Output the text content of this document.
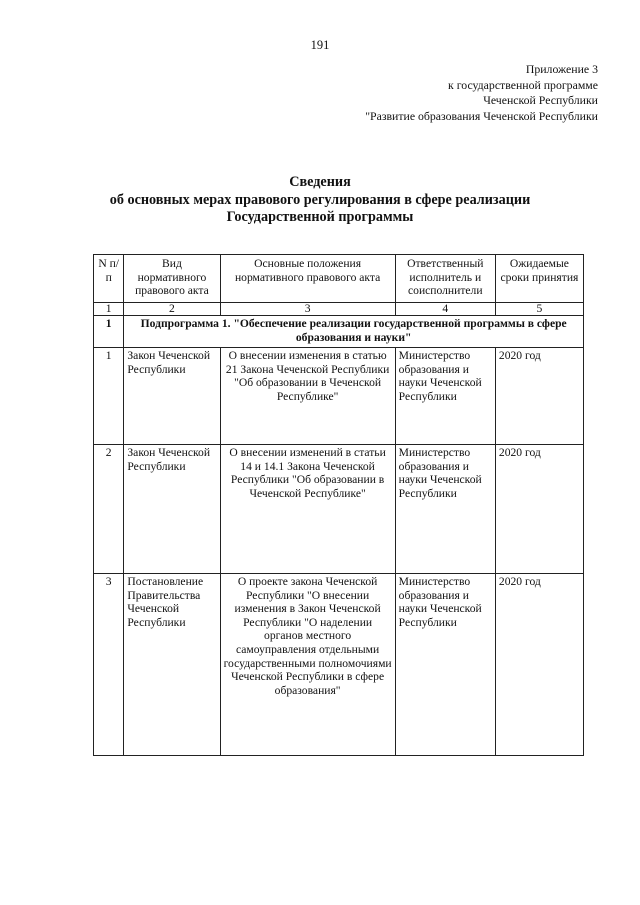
191
Приложение 3
к государственной программе
Чеченской Республики
"Развитие образования Чеченской Республики
Сведения
об основных мерах правового регулирования в сфере реализации
Государственной программы
N п/п	Вид нормативного правового акта	Основные положения нормативного правового акта	Ответственный исполнитель и соисполнители	Ожидаемые сроки принятия
1	2	3	4	5
1	Подпрограмма 1. "Обеспечение реализации государственной программы в сфере образования и науки"			
1	Закон Чеченской Республики	О внесении изменения в статью 21 Закона Чеченской Республики "Об образовании в Чеченской Республике"	Министерство образования и науки Чеченской Республики	2020 год
2	Закон Чеченской Республики	О внесении изменений в статьи 14 и 14.1 Закона Чеченской Республики "Об образовании в Чеченской Республике"	Министерство образования и науки Чеченской Республики	2020 год
3	Постановление Правительства Чеченской Республики	О проекте закона Чеченской Республики "О внесении изменения в Закон Чеченской Республики "О наделении органов местного самоуправления отдельными государственными полномочиями Чеченской Республики в сфере образования"	Министерство образования и науки Чеченской Республики	2020 год
